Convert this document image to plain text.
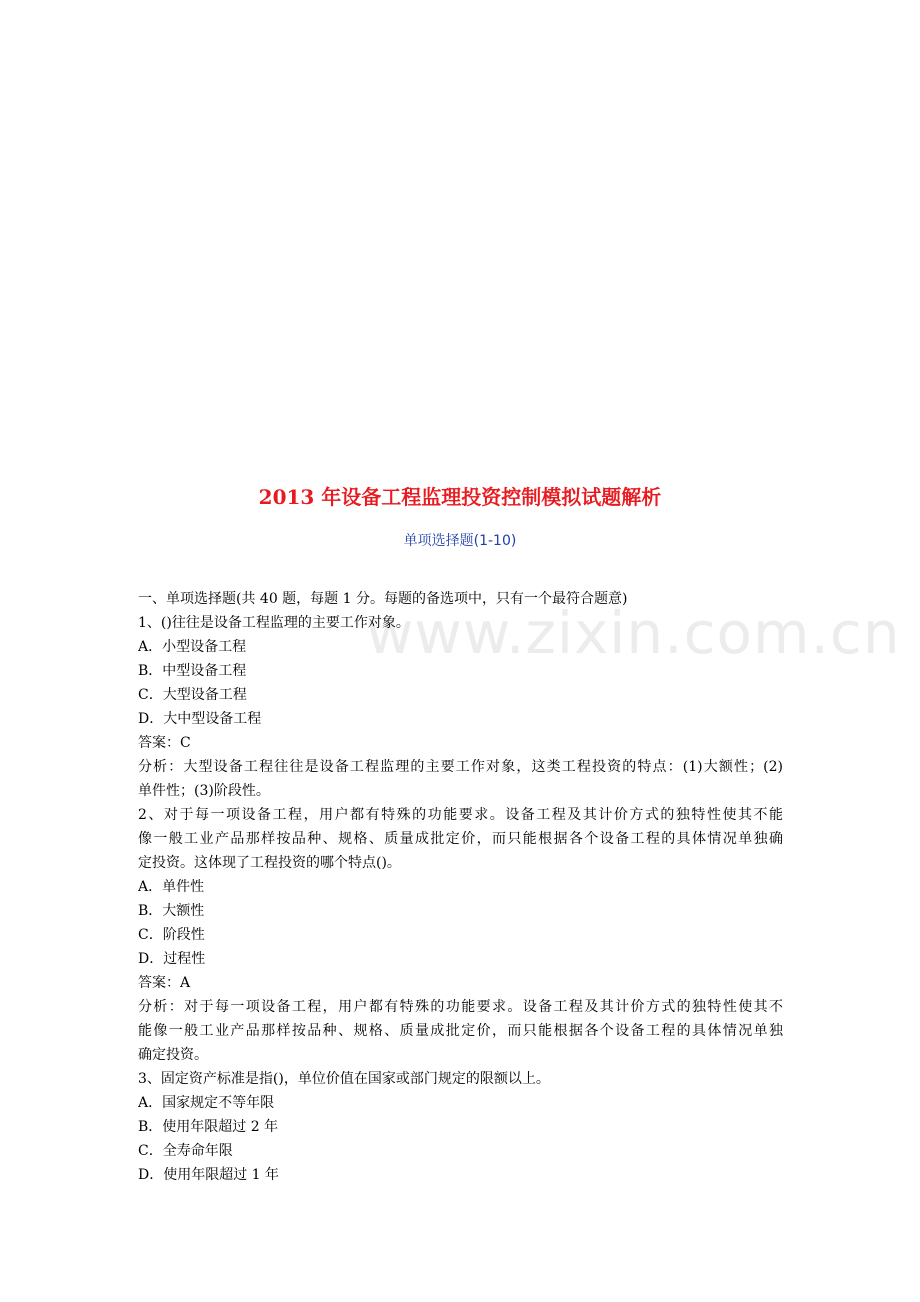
2013 年设备工程监理投资控制模拟试题解析
单项选择题(1-10)
www.zixin.com.cn
一、单项选择题(共 40 题，每题 1 分。每题的备选项中，只有一个最符合题意)
1、()往往是设备工程监理的主要工作对象。
A．小型设备工程
B．中型设备工程
C．大型设备工程
D．大中型设备工程
答案：C
分析：大型设备工程往往是设备工程监理的主要工作对象，这类工程投资的特点：(1)大额性；(2)
单件性；(3)阶段性。
2、对于每一项设备工程，用户都有特殊的功能要求。设备工程及其计价方式的独特性使其不能
像一般工业产品那样按品种、规格、质量成批定价，而只能根据各个设备工程的具体情况单独确
定投资。这体现了工程投资的哪个特点()。
A．单件性
B．大额性
C．阶段性
D．过程性
答案：A
分析：对于每一项设备工程，用户都有特殊的功能要求。设备工程及其计价方式的独特性使其不
能像一般工业产品那样按品种、规格、质量成批定价，而只能根据各个设备工程的具体情况单独
确定投资。
3、固定资产标准是指()，单位价值在国家或部门规定的限额以上。
A．国家规定不等年限
B．使用年限超过 2 年
C．全寿命年限
D．使用年限超过 1 年
